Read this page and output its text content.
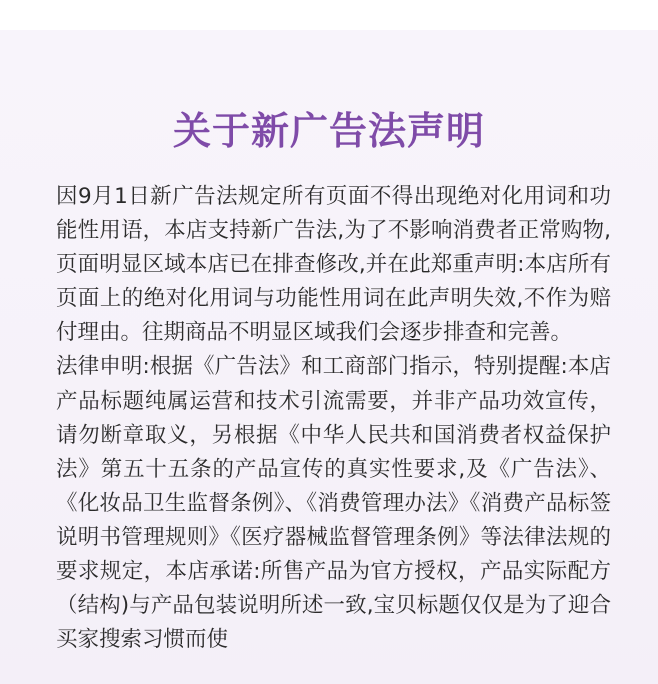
关于新广告法声明

因9月1日新广告法规定所有页面不得出现绝对化用词和功能性用语，本店支持新广告法,为了不影响消费者正常购物,页面明显区域本店已在排查修改,并在此郑重声明:本店所有页面上的绝对化用词与功能性用词在此声明失效,不作为赔付理由。往期商品不明显区域我们会逐步排查和完善。

法律申明:根据《广告法》和工商部门指示，特别提醒:本店产品标题纯属运营和技术引流需要，并非产品功效宣传，请勿断章取义，另根据《中华人民共和国消费者权益保护法》第五十五条的产品宣传的真实性要求,及《广告法》、《化妆品卫生监督条例》、《消费管理办法》《消费产品标签说明书管理规则》《医疗器械监督管理条例》等法律法规的要求规定，本店承诺:所售产品为官方授权，产品实际配方（结构)与产品包装说明所述一致,宝贝标题仅仅是为了迎合买家搜索习惯而使
